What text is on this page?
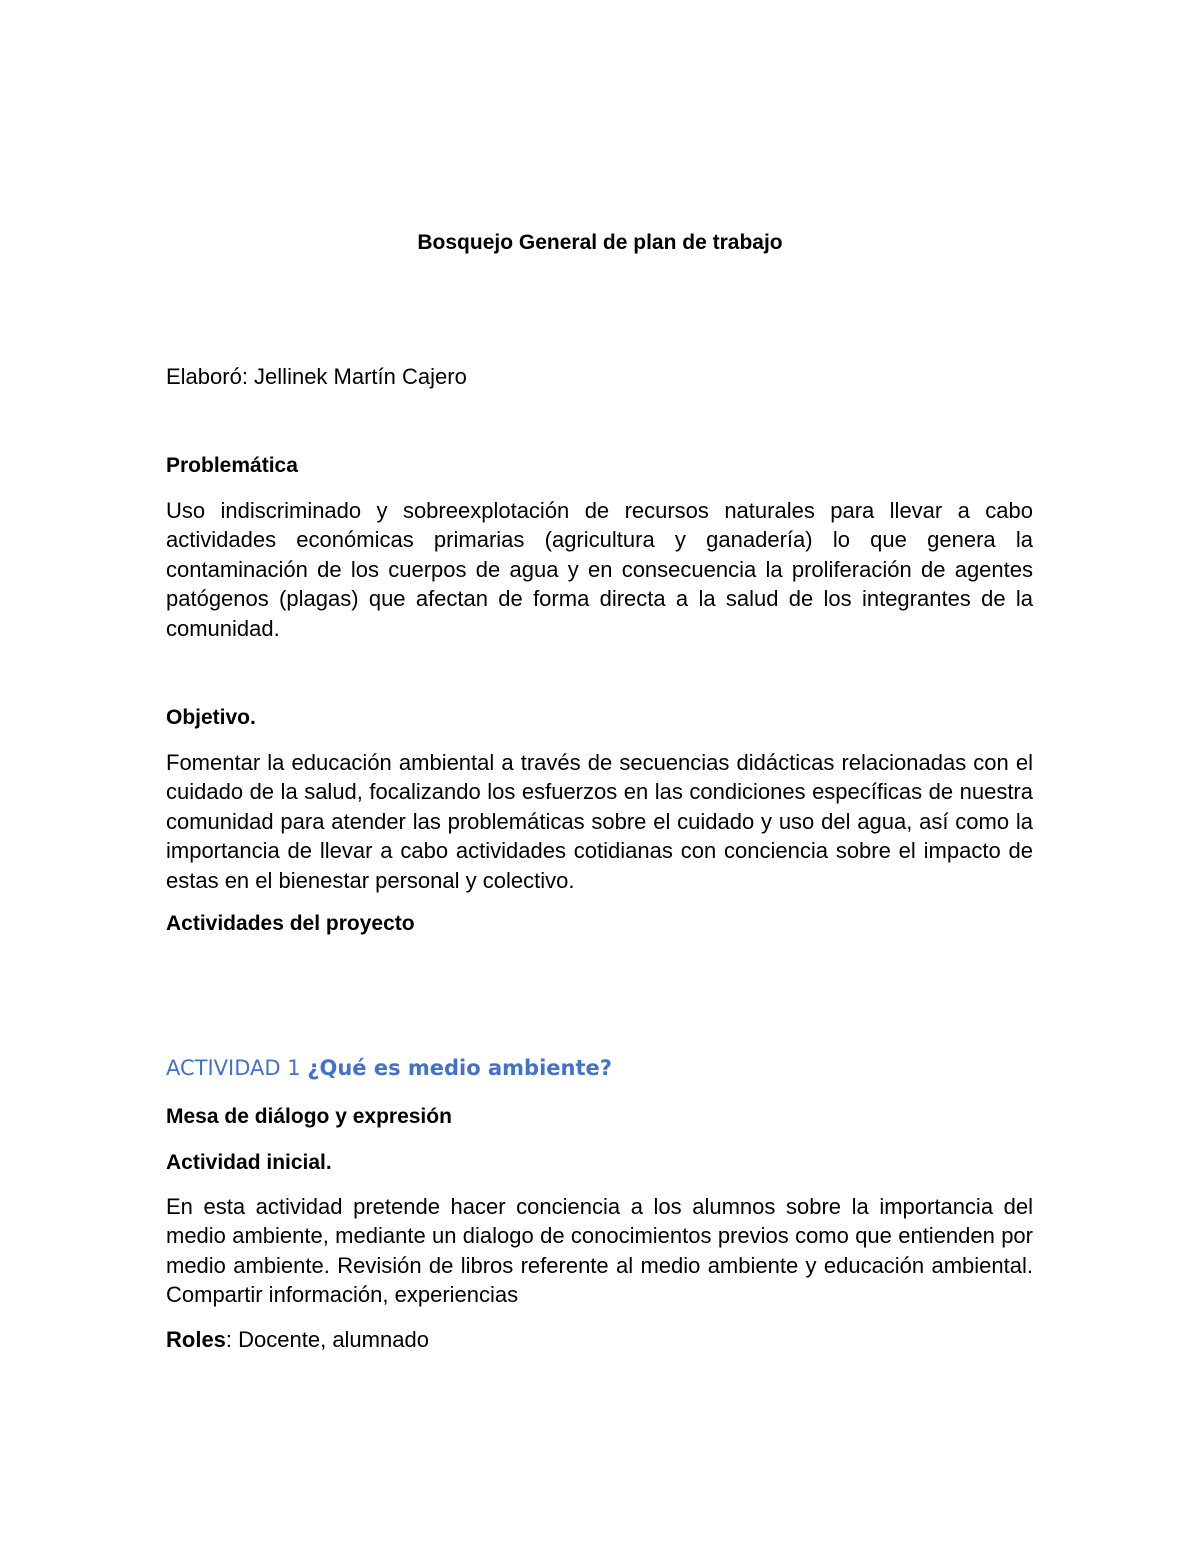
Bosquejo General de plan de trabajo

Elaboró: Jellinek Martín Cajero

Problemática

Uso indiscriminado y sobreexplotación de recursos naturales para llevar a cabo actividades económicas primarias (agricultura y ganadería) lo que genera la contaminación de los cuerpos de agua y en consecuencia la proliferación de agentes patógenos (plagas) que afectan de forma directa a la salud de los integrantes de la comunidad.

Objetivo.

Fomentar la educación ambiental a través de secuencias didácticas relacionadas con el cuidado de la salud, focalizando los esfuerzos en las condiciones específicas de nuestra comunidad para atender las problemáticas sobre el cuidado y uso del agua, así como la importancia de llevar a cabo actividades cotidianas con conciencia sobre el impacto de estas en el bienestar personal y colectivo.

Actividades del proyecto

ACTIVIDAD 1 ¿Qué es medio ambiente?

Mesa de diálogo y expresión

Actividad inicial.

En esta actividad pretende hacer conciencia a los alumnos sobre la importancia del medio ambiente, mediante un dialogo de conocimientos previos como que entienden por medio ambiente. Revisión de libros referente al medio ambiente y educación ambiental. Compartir información, experiencias

Roles: Docente, alumnado
